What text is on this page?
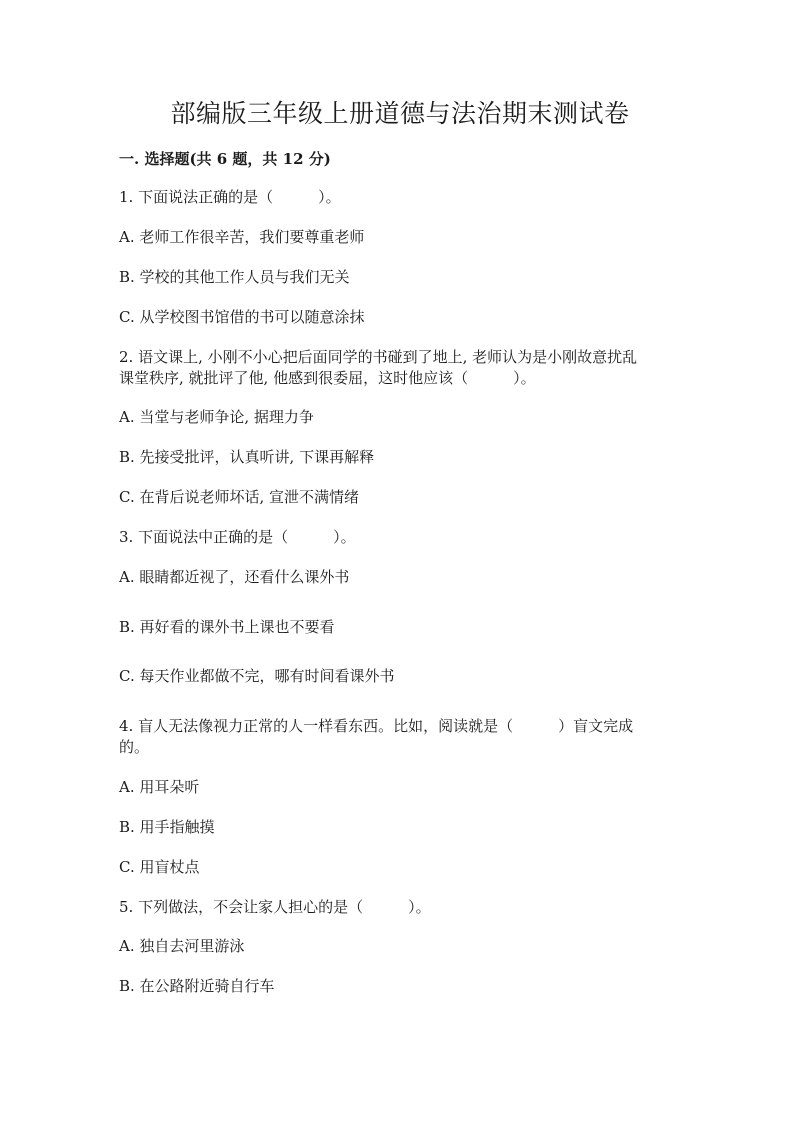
部编版三年级上册道德与法治期末测试卷
一. 选择题(共 6 题，共 12 分)
1. 下面说法正确的是（　　　）。
A. 老师工作很辛苦，我们要尊重老师
B. 学校的其他工作人员与我们无关
C. 从学校图书馆借的书可以随意涂抹
2. 语文课上, 小刚不小心把后面同学的书碰到了地上, 老师认为是小刚故意扰乱
课堂秩序, 就批评了他, 他感到很委屈，这时他应该（　　　）。
A. 当堂与老师争论, 据理力争
B. 先接受批评，认真听讲, 下课再解释
C. 在背后说老师坏话, 宣泄不满情绪
3. 下面说法中正确的是（　　　）。
A. 眼睛都近视了，还看什么课外书
B. 再好看的课外书上课也不要看
C. 每天作业都做不完，哪有时间看课外书
4. 盲人无法像视力正常的人一样看东西。比如，阅读就是（　　　）盲文完成
的。
A. 用耳朵听
B. 用手指触摸
C. 用盲杖点
5. 下列做法，不会让家人担心的是（　　　）。
A. 独自去河里游泳
B. 在公路附近骑自行车
